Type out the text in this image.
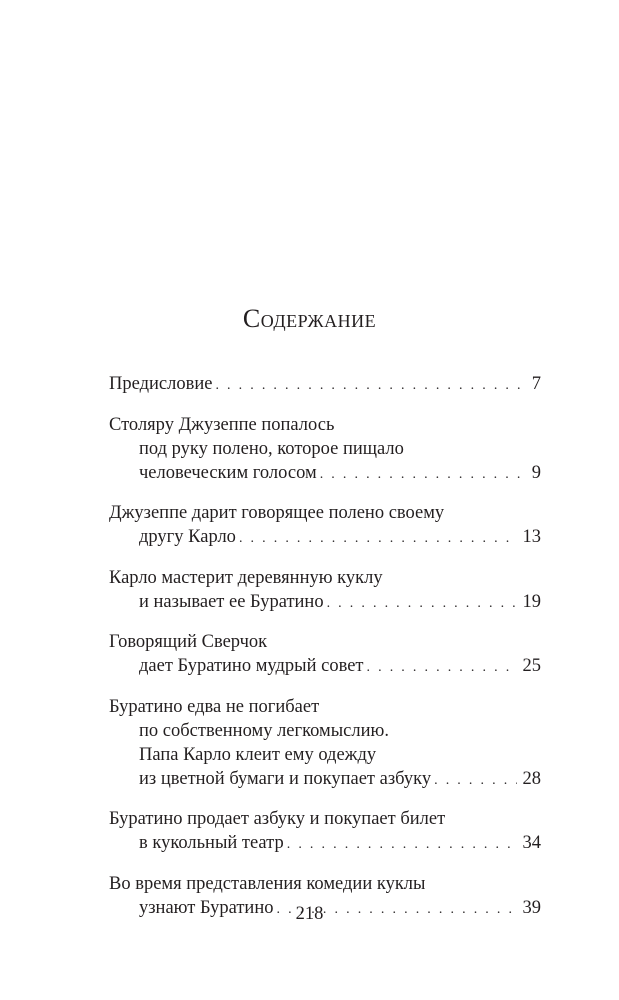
Содержание
Предисловие . . .	7
Столяру Джузеппе попалось
под руку полено, которое пищало
человеческим голосом . . .	9
Джузеппе дарит говорящее полено своему
другу Карло . . .	13
Карло мастерит деревянную куклу
и называет ее Буратино . . .	19
Говорящий Сверчок
дает Буратино мудрый совет . . .	25
Буратино едва не погибает
по собственному легкомыслию.
Папа Карло клеит ему одежду
из цветной бумаги и покупает азбуку . . .	28
Буратино продает азбуку и покупает билет
в кукольный театр . . .	34
Во время представления комедии куклы
узнают Буратино . . .	39
218
